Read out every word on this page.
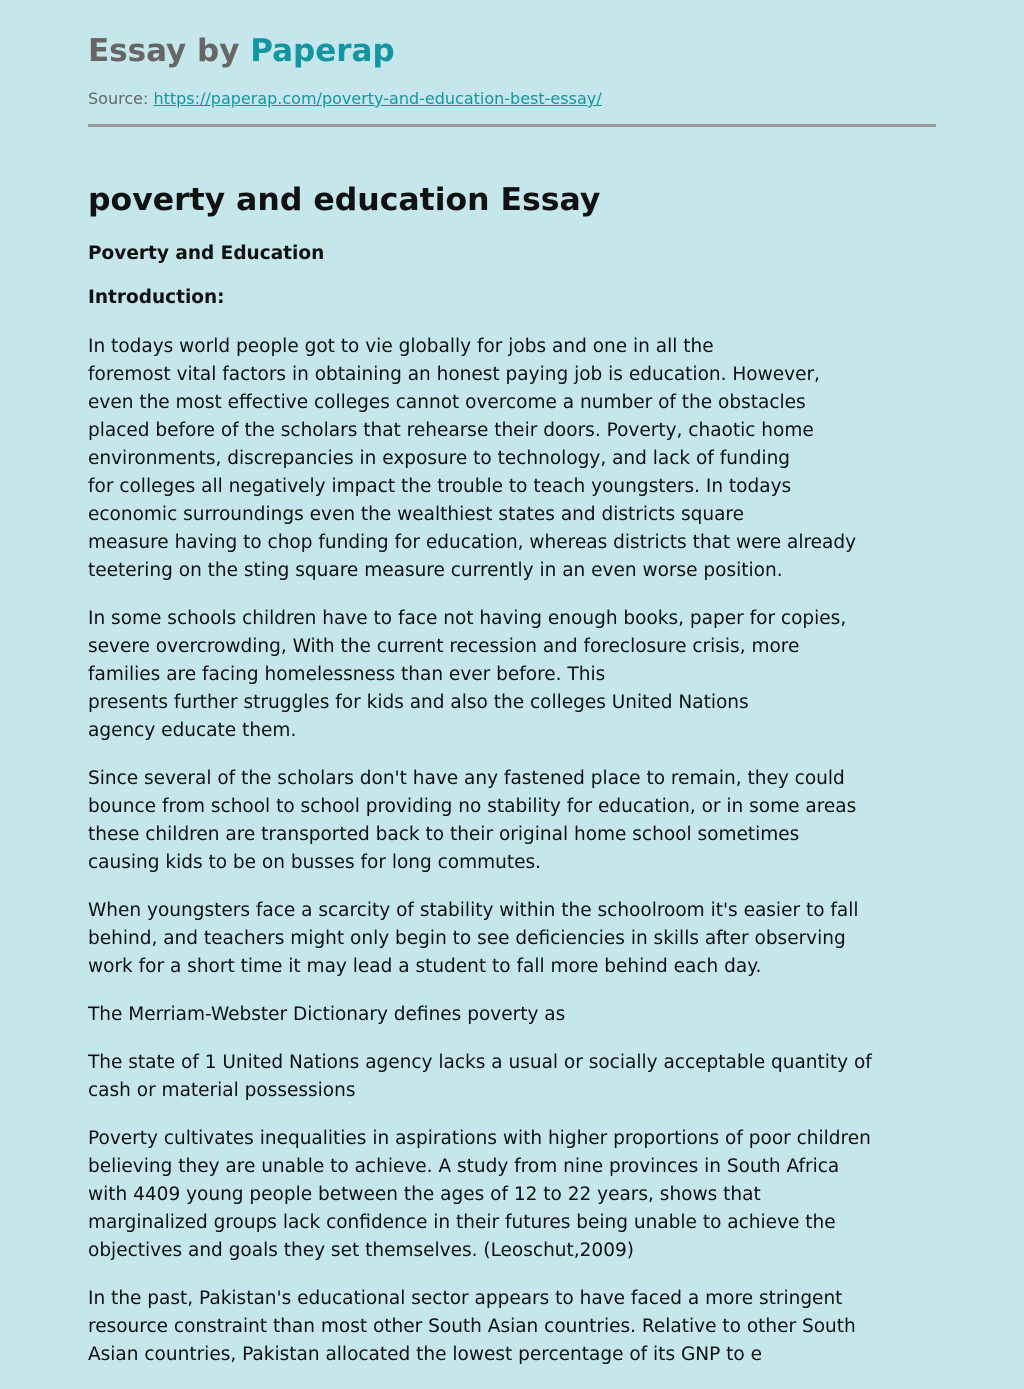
Essay by Paperap
Source: https://paperap.com/poverty-and-education-best-essay/
poverty and education Essay
Poverty and Education
Introduction:

In todays world people got to vie globally for jobs and one in all the
foremost vital factors in obtaining an honest paying job is education. However,
even the most effective colleges cannot overcome a number of the obstacles
placed before of the scholars that rehearse their doors. Poverty, chaotic home
environments, discrepancies in exposure to technology, and lack of funding
for colleges all negatively impact the trouble to teach youngsters. In todays
economic surroundings even the wealthiest states and districts square
measure having to chop funding for education, whereas districts that were already
teetering on the sting square measure currently in an even worse position.

In some schools children have to face not having enough books, paper for copies,
severe overcrowding, With the current recession and foreclosure crisis, more
families are facing homelessness than ever before. This
presents further struggles for kids and also the colleges United Nations
agency educate them.

Since several of the scholars don't have any fastened place to remain, they could
bounce from school to school providing no stability for education, or in some areas
these children are transported back to their original home school sometimes
causing kids to be on busses for long commutes.

When youngsters face a scarcity of stability within the schoolroom it's easier to fall
behind, and teachers might only begin to see deficiencies in skills after observing
work for a short time it may lead a student to fall more behind each day.

The Merriam-Webster Dictionary defines poverty as

The state of 1 United Nations agency lacks a usual or socially acceptable quantity of
cash or material possessions

Poverty cultivates inequalities in aspirations with higher proportions of poor children
believing they are unable to achieve. A study from nine provinces in South Africa
with 4409 young people between the ages of 12 to 22 years, shows that
marginalized groups lack confidence in their futures being unable to achieve the
objectives and goals they set themselves. (Leoschut,2009)

In the past, Pakistan's educational sector appears to have faced a more stringent
resource constraint than most other South Asian countries. Relative to other South
Asian countries, Pakistan allocated the lowest percentage of its GNP to e
